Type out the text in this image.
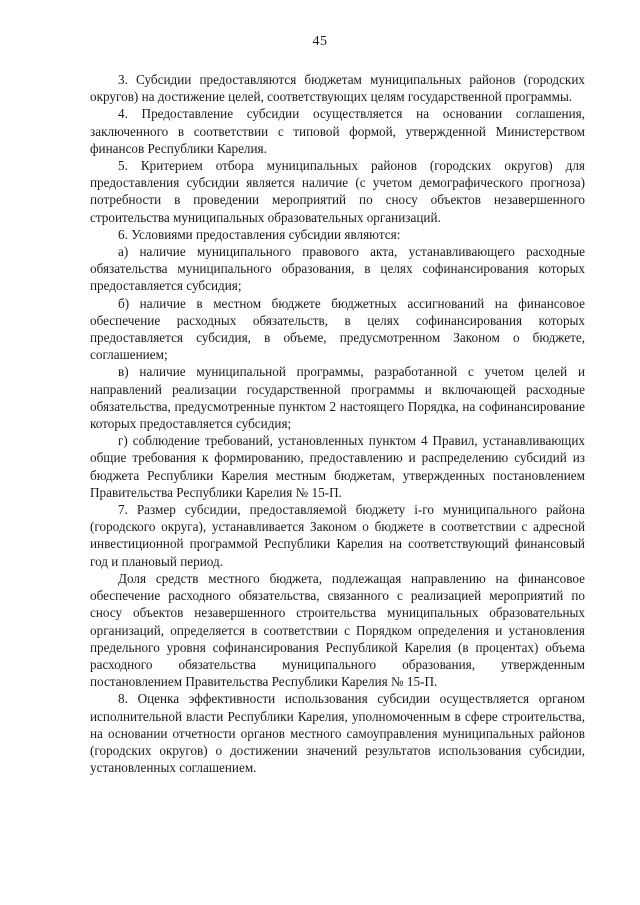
45

3. Субсидии предоставляются бюджетам муниципальных районов (городских округов) на достижение целей, соответствующих целям государственной программы.

4. Предоставление субсидии осуществляется на основании соглашения, заключенного в соответствии с типовой формой, утвержденной Министерством финансов Республики Карелия.

5. Критерием отбора муниципальных районов (городских округов) для предоставления субсидии является наличие (с учетом демографического прогноза) потребности в проведении мероприятий по сносу объектов незавершенного строительства муниципальных образовательных организаций.

6. Условиями предоставления субсидии являются:

а) наличие муниципального правового акта, устанавливающего расходные обязательства муниципального образования, в целях софинансирования которых предоставляется субсидия;

б) наличие в местном бюджете бюджетных ассигнований на финансовое обеспечение расходных обязательств, в целях софинансирования которых предоставляется субсидия, в объеме, предусмотренном Законом о бюджете, соглашением;

в) наличие муниципальной программы, разработанной с учетом целей и направлений реализации государственной программы и включающей расходные обязательства, предусмотренные пунктом 2 настоящего Порядка, на софинансирование которых предоставляется субсидия;

г) соблюдение требований, установленных пунктом 4 Правил, устанавливающих общие требования к формированию, предоставлению и распределению субсидий из бюджета Республики Карелия местным бюджетам, утвержденных постановлением Правительства Республики Карелия № 15-П.

7. Размер субсидии, предоставляемой бюджету i-го муниципального района (городского округа), устанавливается Законом о бюджете в соответствии с адресной инвестиционной программой Республики Карелия на соответствующий финансовый год и плановый период.

Доля средств местного бюджета, подлежащая направлению на финансовое обеспечение расходного обязательства, связанного с реализацией мероприятий по сносу объектов незавершенного строительства муниципальных образовательных организаций, определяется в соответствии с Порядком определения и установления предельного уровня софинансирования Республикой Карелия (в процентах) объема расходного обязательства муниципального образования, утвержденным постановлением Правительства Республики Карелия № 15-П.

8. Оценка эффективности использования субсидии осуществляется органом исполнительной власти Республики Карелия, уполномоченным в сфере строительства, на основании отчетности органов местного самоуправления муниципальных районов (городских округов) о достижении значений результатов использования субсидии, установленных соглашением.
